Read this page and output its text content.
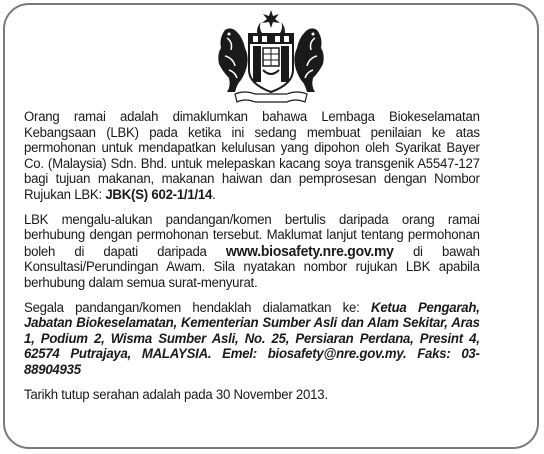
Orang ramai adalah dimaklumkan bahawa Lembaga Biokeselamatan Kebangsaan (LBK) pada ketika ini sedang membuat penilaian ke atas permohonan untuk mendapatkan kelulusan yang dipohon oleh Syarikat Bayer Co. (Malaysia) Sdn. Bhd. untuk melepaskan kacang soya transgenik A5547-127 bagi tujuan makanan, makanan haiwan dan pemprosesan dengan Nombor Rujukan LBK: JBK(S) 602-1/1/14.

LBK mengalu-alukan pandangan/komen bertulis daripada orang ramai berhubung dengan permohonan tersebut. Maklumat lanjut tentang permohonan boleh di dapati daripada www.biosafety.nre.gov.my di bawah Konsultasi/Perundingan Awam. Sila nyatakan nombor rujukan LBK apabila berhubung dalam semua surat-menyurat.

Segala pandangan/komen hendaklah dialamatkan ke: Ketua Pengarah, Jabatan Biokeselamatan, Kementerian Sumber Asli dan Alam Sekitar, Aras 1, Podium 2, Wisma Sumber Asli, No. 25, Persiaran Perdana, Presint 4, 62574 Putrajaya, MALAYSIA. Emel: biosafety@nre.gov.my. Faks: 03-88904935

Tarikh tutup serahan adalah pada 30 November 2013.
